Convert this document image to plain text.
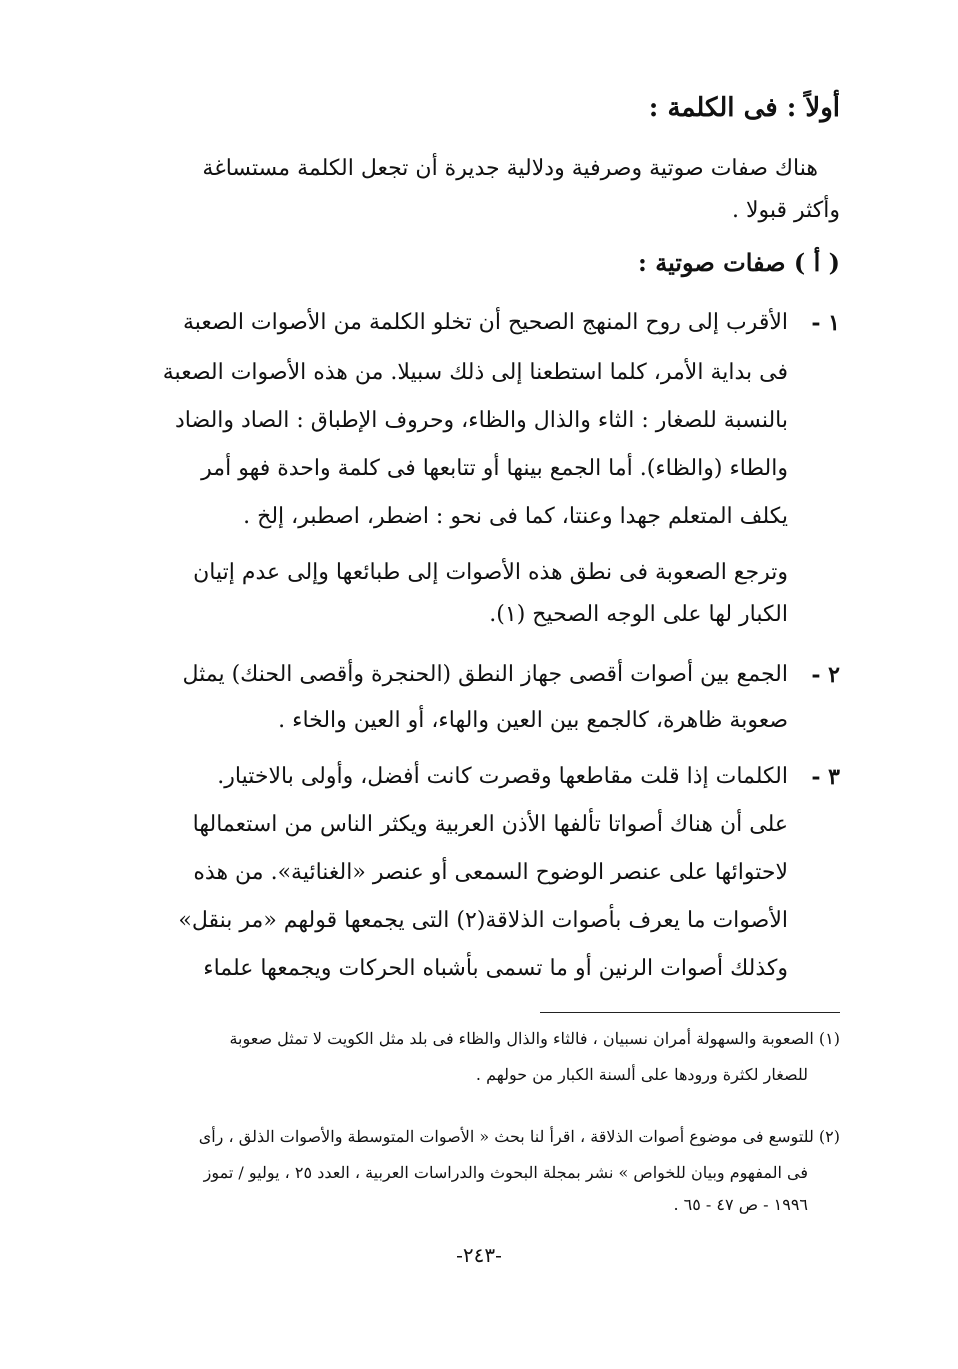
أولاً : فى الكلمة :
هناك صفات صوتية وصرفية ودلالية جديرة أن تجعل الكلمة مستساغة
وأكثر قبولا .
( أ ) صفات صوتية :
١ -
الأقرب إلى روح المنهج الصحيح أن تخلو الكلمة من الأصوات الصعبة
فى بداية الأمر، كلما استطعنا إلى ذلك سبيلا. من هذه الأصوات الصعبة
بالنسبة للصغار : الثاء والذال والظاء، وحروف الإطباق : الصاد والضاد
والطاء (والظاء). أما الجمع بينها أو تتابعها فى كلمة واحدة فهو أمر
يكلف المتعلم جهدا وعنتا، كما فى نحو : اضطر، اصطبر، إلخ .
وترجع الصعوبة فى نطق هذه الأصوات إلى طبائعها وإلى عدم إتيان
الكبار لها على الوجه الصحيح (١).
٢ -
الجمع بين أصوات أقصى جهاز النطق (الحنجرة وأقصى الحنك) يمثل
صعوبة ظاهرة، كالجمع بين العين والهاء، أو العين والخاء .
٣ -
الكلمات إذا قلت مقاطعها وقصرت كانت أفضل، وأولى بالاختيار.
على أن هناك أصواتا تألفها الأذن العربية ويكثر الناس من استعمالها
لاحتوائها على عنصر الوضوح السمعى أو عنصر «الغنائية». من هذه
الأصوات ما يعرف بأصوات الذلاقة(٢) التى يجمعها قولهم «مر بنقل»
وكذلك أصوات الرنين أو ما تسمى بأشباه الحركات ويجمعها علماء
(١) الصعوبة والسهولة أمران نسبيان ، فالثاء والذال والظاء فى بلد مثل الكويت لا تمثل صعوبة
للصغار لكثرة ورودها على ألسنة الكبار من حولهم .
(٢) للتوسع فى موضوع أصوات الذلاقة ، اقرأ لنا بحث « الأصوات المتوسطة والأصوات الذلق ، رأى
فى المفهوم وبيان للخواص » نشر بمجلة البحوث والدراسات العربية ، العدد ٢٥ ، يوليو / تموز
١٩٩٦ - ص ٤٧ - ٦٥ .
-٢٤٣-
